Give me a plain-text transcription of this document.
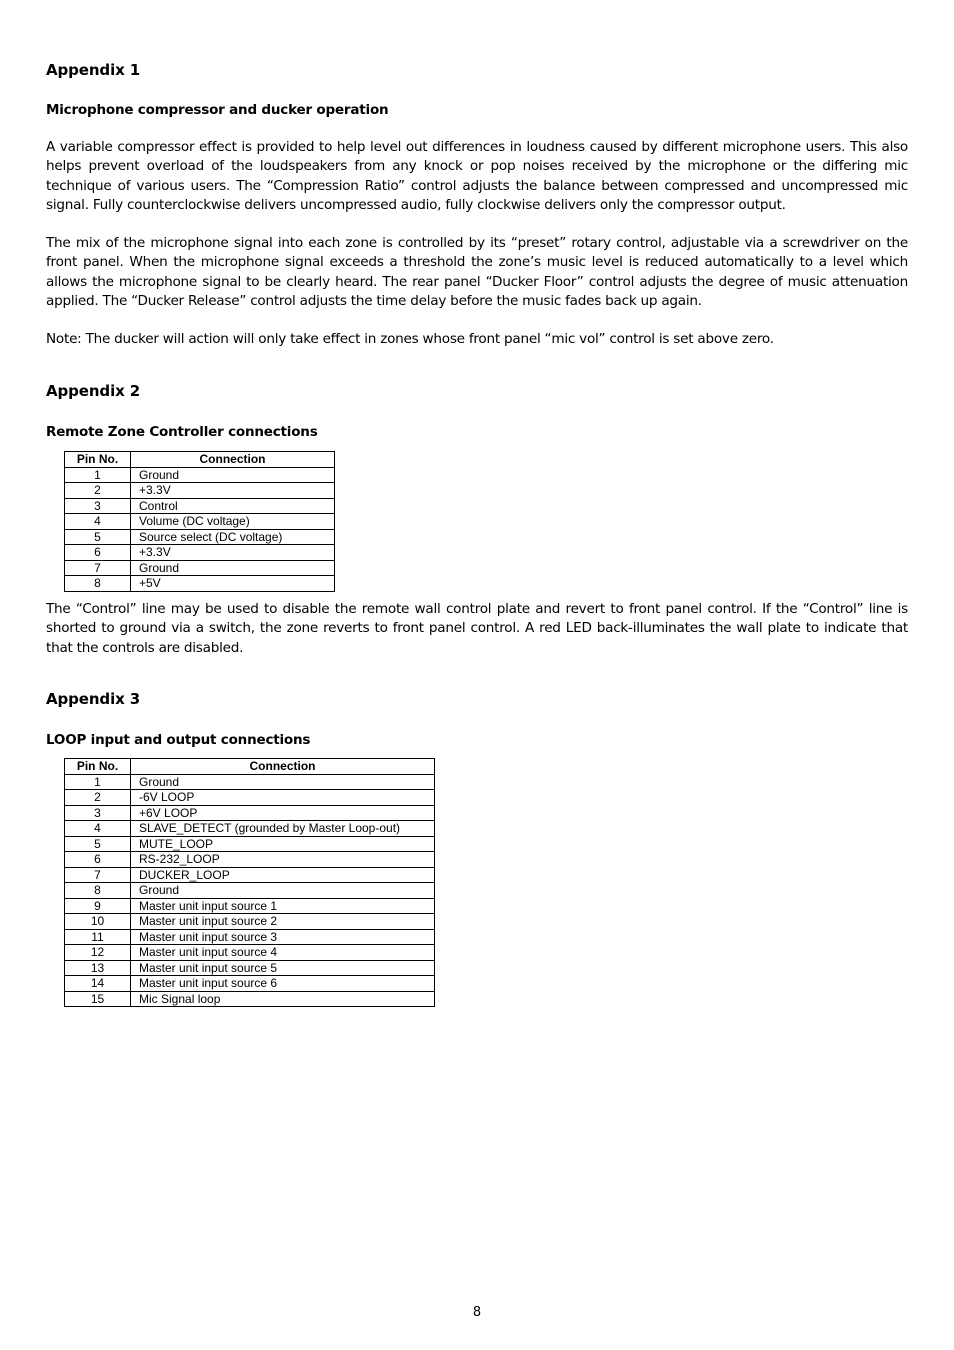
Appendix 1
Microphone compressor and ducker operation

A variable compressor effect is provided to help level out differences in loudness caused by different microphone users. This also helps prevent overload of the loudspeakers from any knock or pop noises received by the microphone or the differing mic technique of various users. The “Compression Ratio” control adjusts the balance between compressed and uncompressed mic signal. Fully counterclockwise delivers uncompressed audio, fully clockwise delivers only the compressor output.

The mix of the microphone signal into each zone is controlled by its “preset” rotary control, adjustable via a screwdriver on the front panel. When the microphone signal exceeds a threshold the zone’s music level is reduced automatically to a level which allows the microphone signal to be clearly heard. The rear panel “Ducker Floor” control adjusts the degree of music attenuation applied. The “Ducker Release” control adjusts the time delay before the music fades back up again.

Note: The ducker will action will only take effect in zones whose front panel “mic vol” control is set above zero.

Appendix 2
Remote Zone Controller connections
Pin No.	Connection
1	Ground
2	+3.3V
3	Control
4	Volume (DC voltage)
5	Source select (DC voltage)
6	+3.3V
7	Ground
8	+5V

The “Control” line may be used to disable the remote wall control plate and revert to front panel control. If the “Control” line is shorted to ground via a switch, the zone reverts to front panel control. A red LED back-illuminates the wall plate to indicate that that the controls are disabled.

Appendix 3
LOOP input and output connections
Pin No.	Connection
1	Ground
2	-6V LOOP
3	+6V LOOP
4	SLAVE_DETECT (grounded by Master Loop-out)
5	MUTE_LOOP
6	RS-232_LOOP
7	DUCKER_LOOP
8	Ground
9	Master unit input source 1
10	Master unit input source 2
11	Master unit input source 3
12	Master unit input source 4
13	Master unit input source 5
14	Master unit input source 6
15	Mic Signal loop
8
